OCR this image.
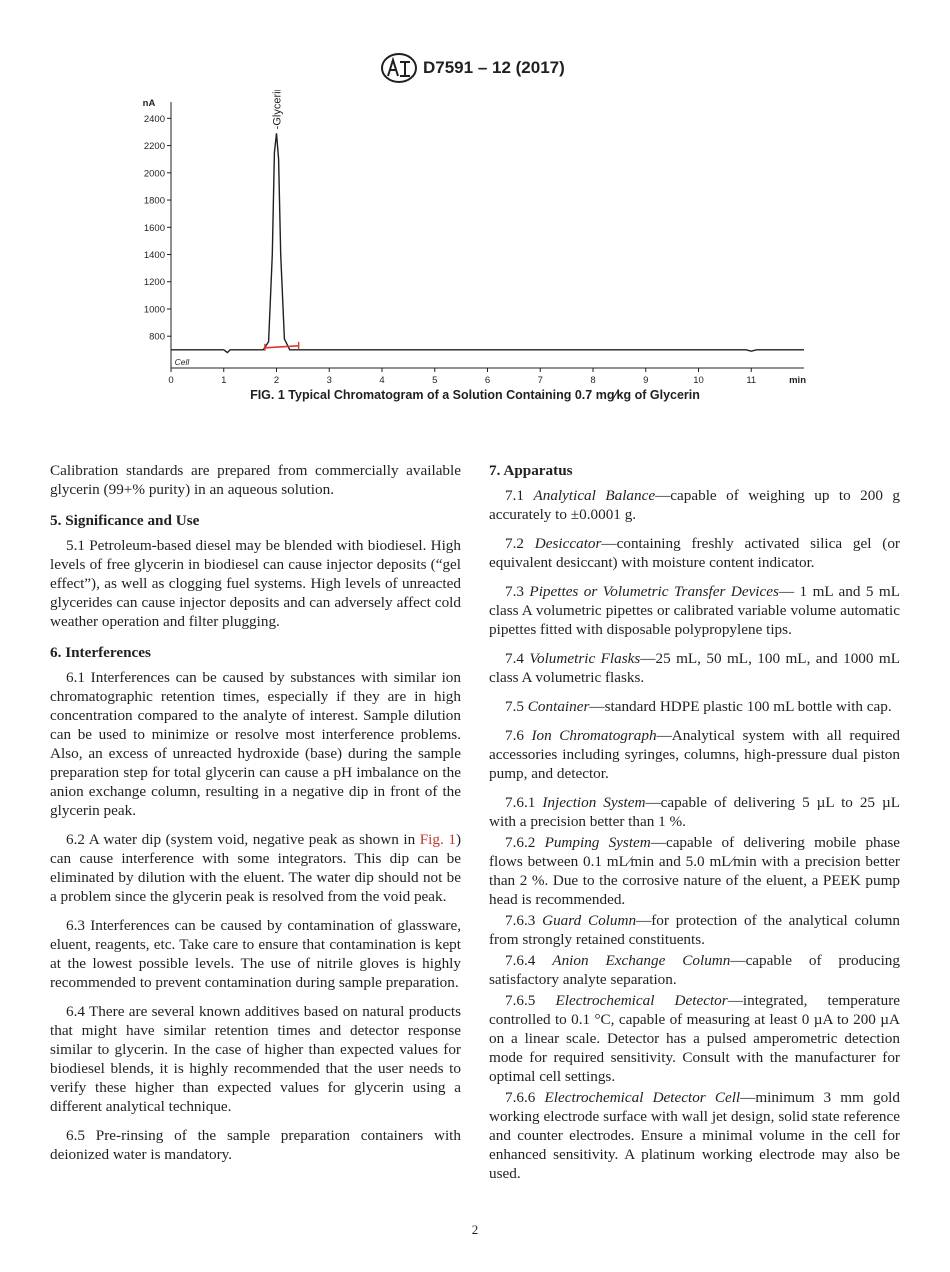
D7591 – 12 (2017)
800
1000
1200
1400
1600
1800
2000
2200
2400
0	1	2	3	4	5	6	7	8	9	10	11
nA
min
-Glycerin
Cell
FIG. 1 Typical Chromatogram of a Solution Containing 0.7 mg⁄kg of Glycerin

Calibration standards are prepared from commercially available glycerin (99+% purity) in an aqueous solution.

5. Significance and Use

5.1 Petroleum-based diesel may be blended with biodiesel. High levels of free glycerin in biodiesel can cause injector deposits (“gel effect”), as well as clogging fuel systems. High levels of unreacted glycerides can cause injector deposits and can adversely affect cold weather operation and filter plugging.

6. Interferences

6.1 Interferences can be caused by substances with similar ion chromatographic retention times, especially if they are in high concentration compared to the analyte of interest. Sample dilution can be used to minimize or resolve most interference problems. Also, an excess of unreacted hydroxide (base) during the sample preparation step for total glycerin can cause a pH imbalance on the anion exchange column, resulting in a negative dip in front of the glycerin peak.

6.2 A water dip (system void, negative peak as shown in Fig. 1) can cause interference with some integrators. This dip can be eliminated by dilution with the eluent. The water dip should not be a problem since the glycerin peak is resolved from the void peak.

6.3 Interferences can be caused by contamination of glassware, eluent, reagents, etc. Take care to ensure that contamination is kept at the lowest possible levels. The use of nitrile gloves is highly recommended to prevent contamination during sample preparation.

6.4 There are several known additives based on natural products that might have similar retention times and detector response similar to glycerin. In the case of higher than expected values for biodiesel blends, it is highly recommended that the user needs to verify these higher than expected values for glycerin using a different analytical technique.

6.5 Pre-rinsing of the sample preparation containers with deionized water is mandatory.

7. Apparatus

7.1 Analytical Balance—capable of weighing up to 200 g accurately to ±0.0001 g.

7.2 Desiccator—containing freshly activated silica gel (or equivalent desiccant) with moisture content indicator.

7.3 Pipettes or Volumetric Transfer Devices— 1 mL and 5 mL class A volumetric pipettes or calibrated variable volume automatic pipettes fitted with disposable polypropylene tips.

7.4 Volumetric Flasks—25 mL, 50 mL, 100 mL, and 1000 mL class A volumetric flasks.

7.5 Container—standard HDPE plastic 100 mL bottle with cap.

7.6 Ion Chromatograph—Analytical system with all required accessories including syringes, columns, high-pressure dual piston pump, and detector.

7.6.1 Injection System—capable of delivering 5 µL to 25 µL with a precision better than 1 %.

7.6.2 Pumping System—capable of delivering mobile phase flows between 0.1 mL⁄min and 5.0 mL⁄min with a precision better than 2 %. Due to the corrosive nature of the eluent, a PEEK pump head is recommended.

7.6.3 Guard Column—for protection of the analytical column from strongly retained constituents.

7.6.4 Anion Exchange Column—capable of producing satisfactory analyte separation.

7.6.5 Electrochemical Detector—integrated, temperature controlled to 0.1 °C, capable of measuring at least 0 µA to 200 µA on a linear scale. Detector has a pulsed amperometric detection mode for required sensitivity. Consult with the manufacturer for optimal cell settings.

7.6.6 Electrochemical Detector Cell—minimum 3 mm gold working electrode surface with wall jet design, solid state reference and counter electrodes. Ensure a minimal volume in the cell for enhanced sensitivity. A platinum working electrode may also be used.

2
